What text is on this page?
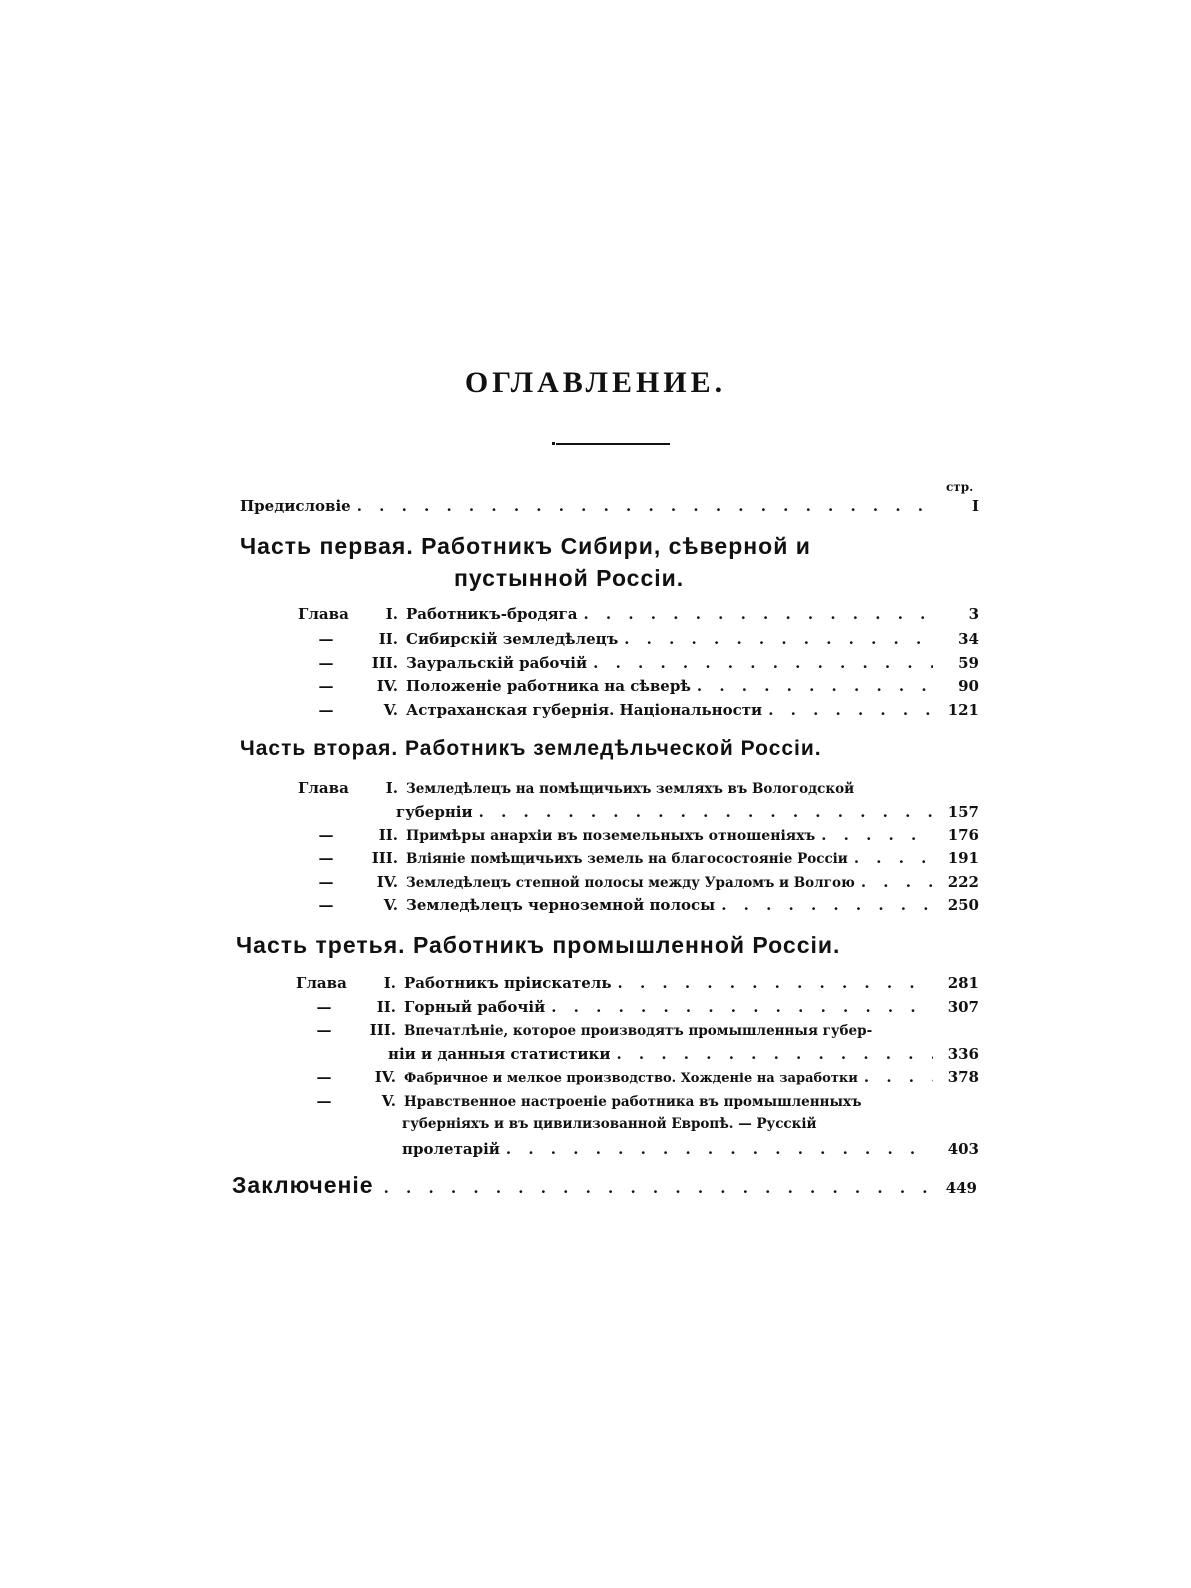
ОГЛАВЛЕНИЕ.
стр.
Предисловіе . . .	I
Часть первая. Работникъ Сибири, сѣверной и
пустынной Россіи.
Глава	I. Работникъ-бродяга . . .	3
—	II. Сибирскій земледѣлецъ . . .	34
—	III. Зауральскій рабочій . . .	59
—	IV. Положеніе работника на сѣверѣ . . .	90
—	V. Астраханская губернія. Національности . . .	121
Часть вторая. Работникъ земледѣльческой Россіи.
Глава	I. Земледѣлецъ на помѣщичьихъ земляхъ въ Вологодской
губерніи . . .	157
—	II. Примѣры анархіи въ поземельныхъ отношеніяхъ . . .	176
—	III. Вліяніе помѣщичьихъ земель на благосостояніе Россіи . . .	191
—	IV. Земледѣлецъ степной полосы между Ураломъ и Волгою . . .	222
—	V. Земледѣлецъ черноземной полосы . . .	250
Часть третья. Работникъ промышленной Россіи.
Глава	I. Работникъ пріискатель . . .	281
—	II. Горный рабочій . . .	307
—	III. Впечатлѣніе, которое производятъ промышленныя губер-
ніи и данныя статистики . . .	336
—	IV. Фабричное и мелкое производство. Хожденіе на заработки . . .	378
—	V. Нравственное настроеніе работника въ промышленныхъ
губерніяхъ и въ цивилизованной Европѣ. — Русскій
пролетарій . . .	403
Заключеніе . . .	449
